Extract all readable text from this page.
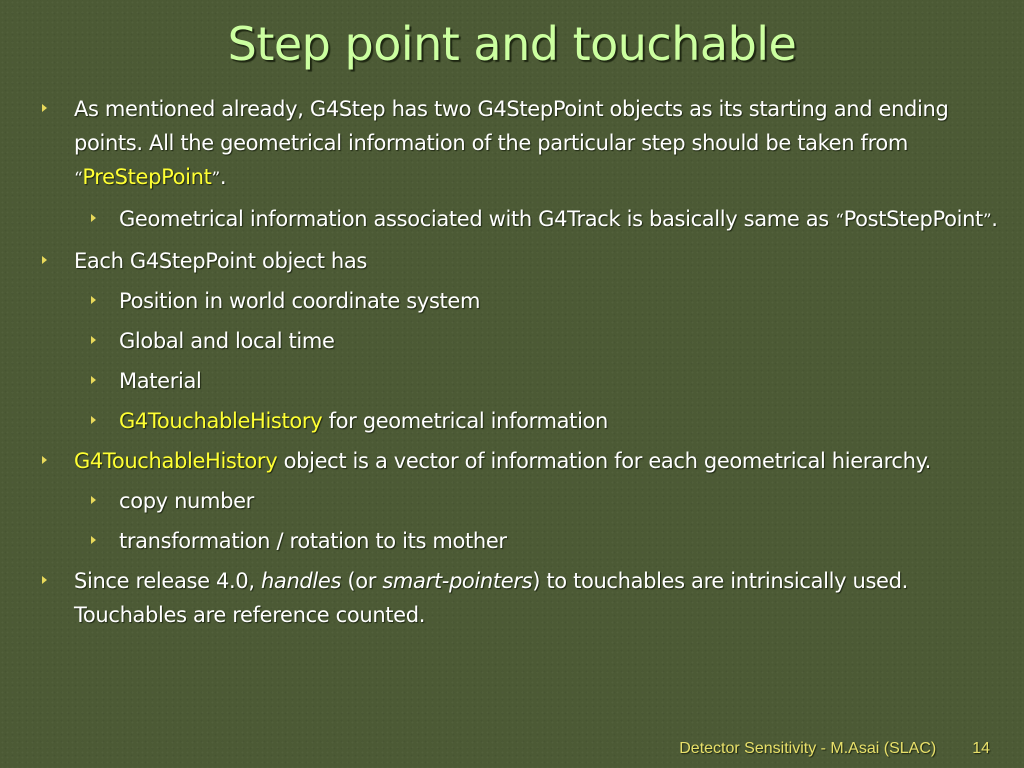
Step point and touchable

As mentioned already, G4Step has two G4StepPoint objects as its starting and ending points. All the geometrical information of the particular step should be taken from “PreStepPoint”.

Geometrical information associated with G4Track is basically same as “PostStepPoint”.

Each G4StepPoint object has

Position in world coordinate system

Global and local time

Material

G4TouchableHistory for geometrical information

G4TouchableHistory object is a vector of information for each geometrical hierarchy.

copy number

transformation / rotation to its mother

Since release 4.0, handles (or smart-pointers) to touchables are intrinsically used. Touchables are reference counted.

Detector Sensitivity - M.Asai (SLAC) 14
